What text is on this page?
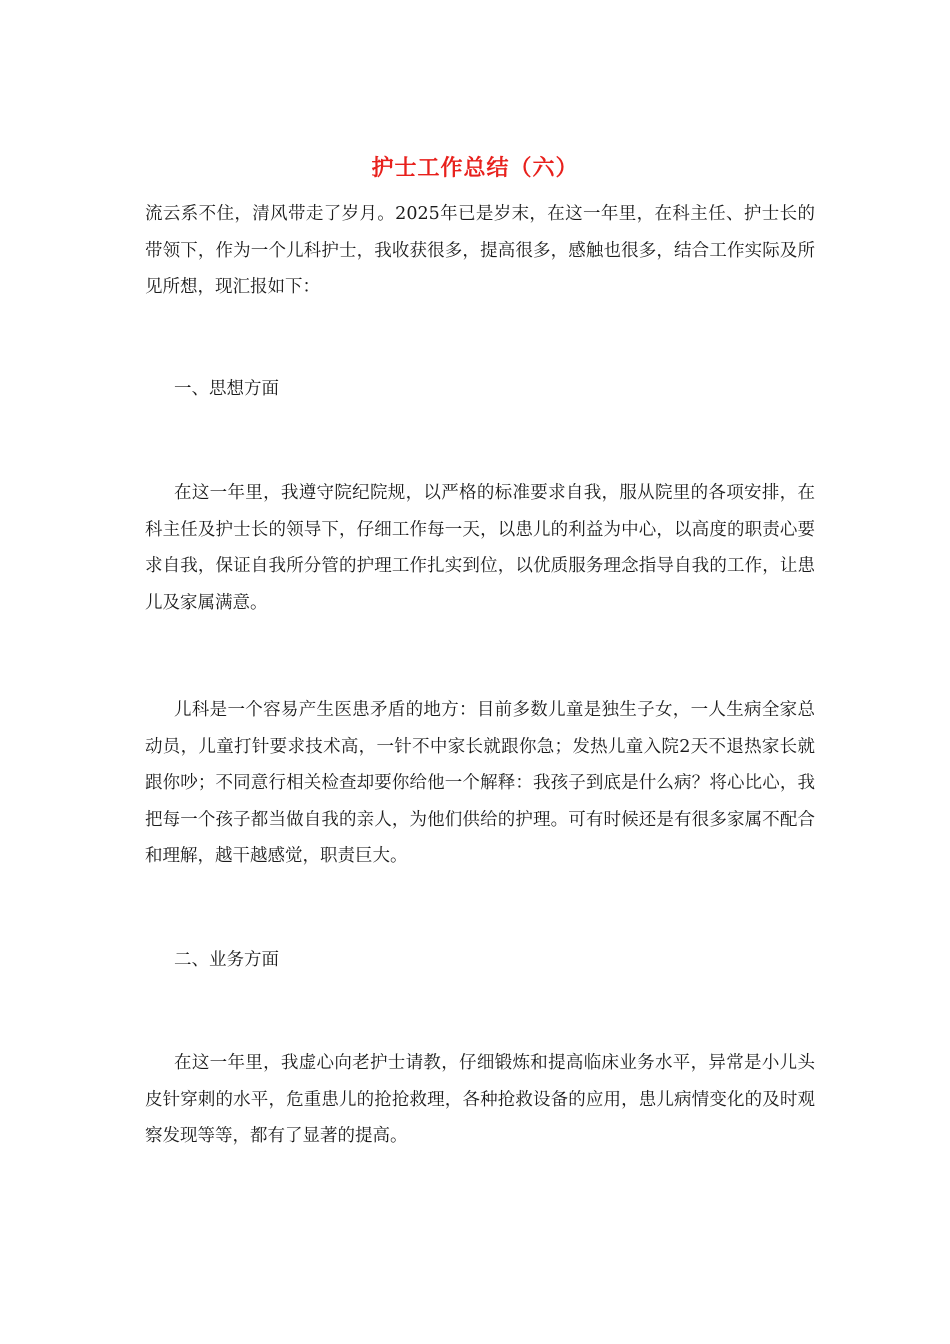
护士工作总结（六）

流云系不住，清风带走了岁月。2025年已是岁末，在这一年里，在科主任、护士长的带领下，作为一个儿科护士，我收获很多，提高很多，感触也很多，结合工作实际及所见所想，现汇报如下：

一、思想方面

在这一年里，我遵守院纪院规，以严格的标准要求自我，服从院里的各项安排，在科主任及护士长的领导下，仔细工作每一天，以患儿的利益为中心，以高度的职责心要求自我，保证自我所分管的护理工作扎实到位，以优质服务理念指导自我的工作，让患儿及家属满意。

儿科是一个容易产生医患矛盾的地方：目前多数儿童是独生子女，一人生病全家总动员，儿童打针要求技术高，一针不中家长就跟你急；发热儿童入院2天不退热家长就跟你吵；不同意行相关检查却要你给他一个解释：我孩子到底是什么病？将心比心，我把每一个孩子都当做自我的亲人，为他们供给的护理。可有时候还是有很多家属不配合和理解，越干越感觉，职责巨大。

二、业务方面

在这一年里，我虚心向老护士请教，仔细锻炼和提高临床业务水平，异常是小儿头皮针穿刺的水平，危重患儿的抢抢救理，各种抢救设备的应用，患儿病情变化的及时观察发现等等，都有了显著的提高。
